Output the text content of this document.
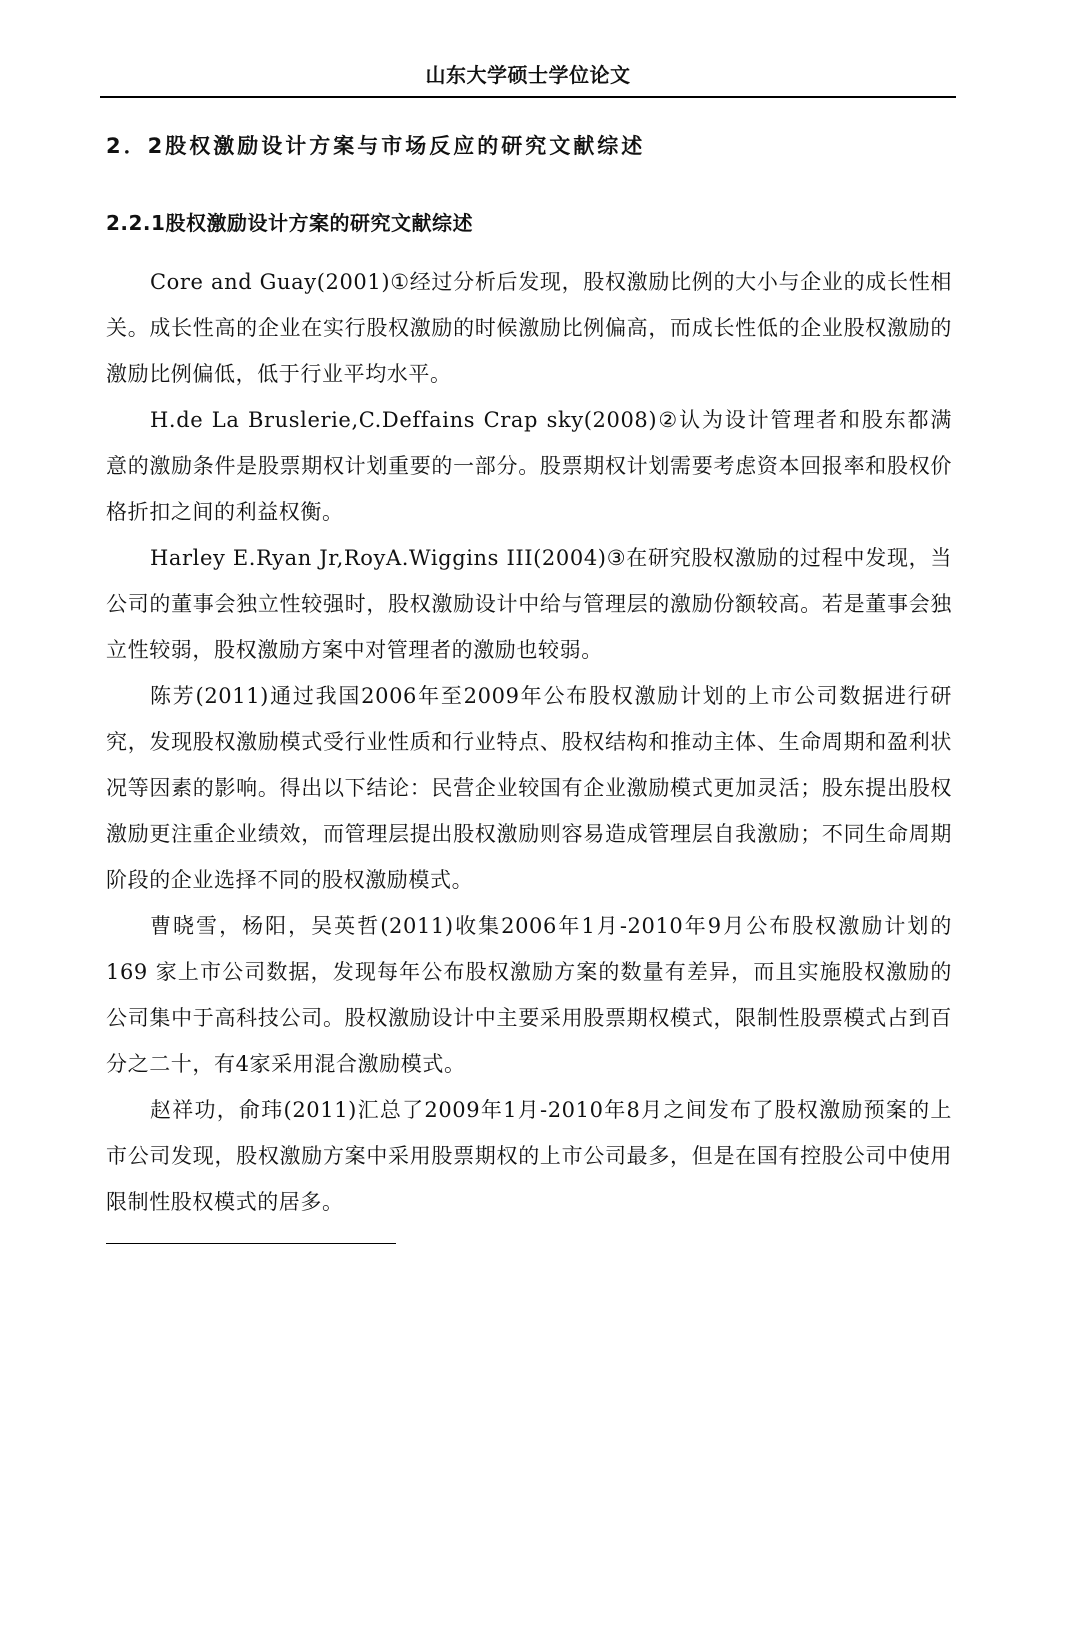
山东大学硕士学位论文
2．2股权激励设计方案与市场反应的研究文献综述
2.2.1股权激励设计方案的研究文献综述

Core and Guay(2001)①经过分析后发现，股权激励比例的大小与企业的成长性相关。成长性高的企业在实行股权激励的时候激励比例偏高，而成长性低的企业股权激励的激励比例偏低，低于行业平均水平。

H.de La Bruslerie,C.Deffains Crap sky(2008)②认为设计管理者和股东都满意的激励条件是股票期权计划重要的一部分。股票期权计划需要考虑资本回报率和股权价格折扣之间的利益权衡。

Harley E.Ryan Jr,RoyA.Wiggins III(2004)③在研究股权激励的过程中发现，当公司的董事会独立性较强时，股权激励设计中给与管理层的激励份额较高。若是董事会独立性较弱，股权激励方案中对管理者的激励也较弱。

陈芳(2011)通过我国2006年至2009年公布股权激励计划的上市公司数据进行研究，发现股权激励模式受行业性质和行业特点、股权结构和推动主体、生命周期和盈利状况等因素的影响。得出以下结论：民营企业较国有企业激励模式更加灵活；股东提出股权激励更注重企业绩效，而管理层提出股权激励则容易造成管理层自我激励；不同生命周期阶段的企业选择不同的股权激励模式。

曹晓雪，杨阳，吴英哲(2011)收集2006年1月-2010年9月公布股权激励计划的169 家上市公司数据，发现每年公布股权激励方案的数量有差异，而且实施股权激励的公司集中于高科技公司。股权激励设计中主要采用股票期权模式，限制性股票模式占到百分之二十，有4家采用混合激励模式。

赵祥功，俞玮(2011)汇总了2009年1月-2010年8月之间发布了股权激励预案的上市公司发现，股权激励方案中采用股票期权的上市公司最多，但是在国有控股公司中使用限制性股权模式的居多。
